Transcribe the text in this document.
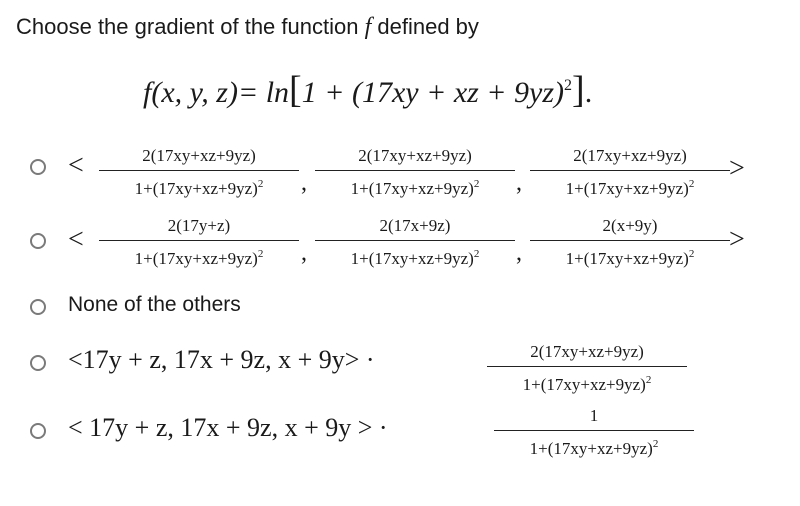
Choose the gradient of the function f defined by
f(x, y, z)= ln[1 + (17xy + xz + 9yz)$^2$].
<	2(17xy+xz+9yz)
$1+(17xy+xz+9yz)^2$	,
2(17xy+xz+9yz)
$1+(17xy+xz+9yz)^2$	,
2(17xy+xz+9yz)
$1+(17xy+xz+9yz)^2$	>
<	2(17y+z)
$1+(17xy+xz+9yz)^2$	,
2(17x+9z)
$1+(17xy+xz+9yz)^2$	,
2(x+9y)
$1+(17xy+xz+9yz)^2$	>
None of the others
<17y + z, 17x + 9z, x + 9y> ·	2(17xy+xz+9yz)
$1+(17xy+xz+9yz)^2$
< 17y + z, 17x + 9z, x + 9y > ·	1
$1+(17xy+xz+9yz)^2$
